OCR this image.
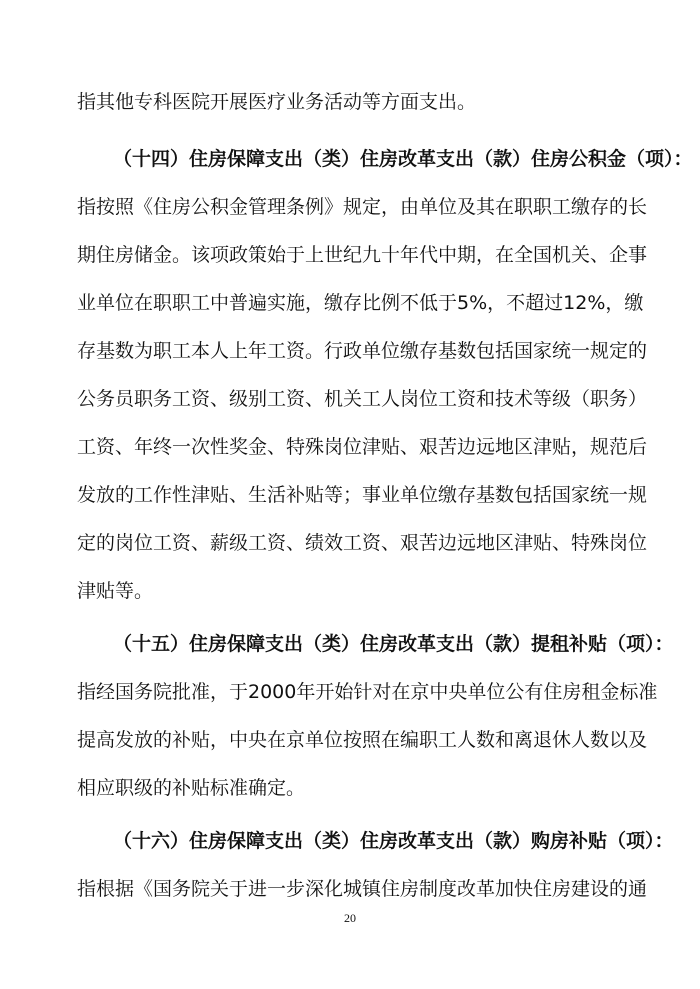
指其他专科医院开展医疗业务活动等方面支出。
（十四）住房保障支出（类）住房改革支出（款）住房公积金（项）：
指按照《住房公积金管理条例》规定，由单位及其在职职工缴存的长
期住房储金。该项政策始于上世纪九十年代中期，在全国机关、企事
业单位在职职工中普遍实施，缴存比例不低于5%，不超过12%，缴
存基数为职工本人上年工资。行政单位缴存基数包括国家统一规定的
公务员职务工资、级别工资、机关工人岗位工资和技术等级（职务）
工资、年终一次性奖金、特殊岗位津贴、艰苦边远地区津贴，规范后
发放的工作性津贴、生活补贴等；事业单位缴存基数包括国家统一规
定的岗位工资、薪级工资、绩效工资、艰苦边远地区津贴、特殊岗位
津贴等。
（十五）住房保障支出（类）住房改革支出（款）提租补贴（项）：
指经国务院批准，于2000年开始针对在京中央单位公有住房租金标准
提高发放的补贴，中央在京单位按照在编职工人数和离退休人数以及
相应职级的补贴标准确定。
（十六）住房保障支出（类）住房改革支出（款）购房补贴（项）：
指根据《国务院关于进一步深化城镇住房制度改革加快住房建设的通
20
